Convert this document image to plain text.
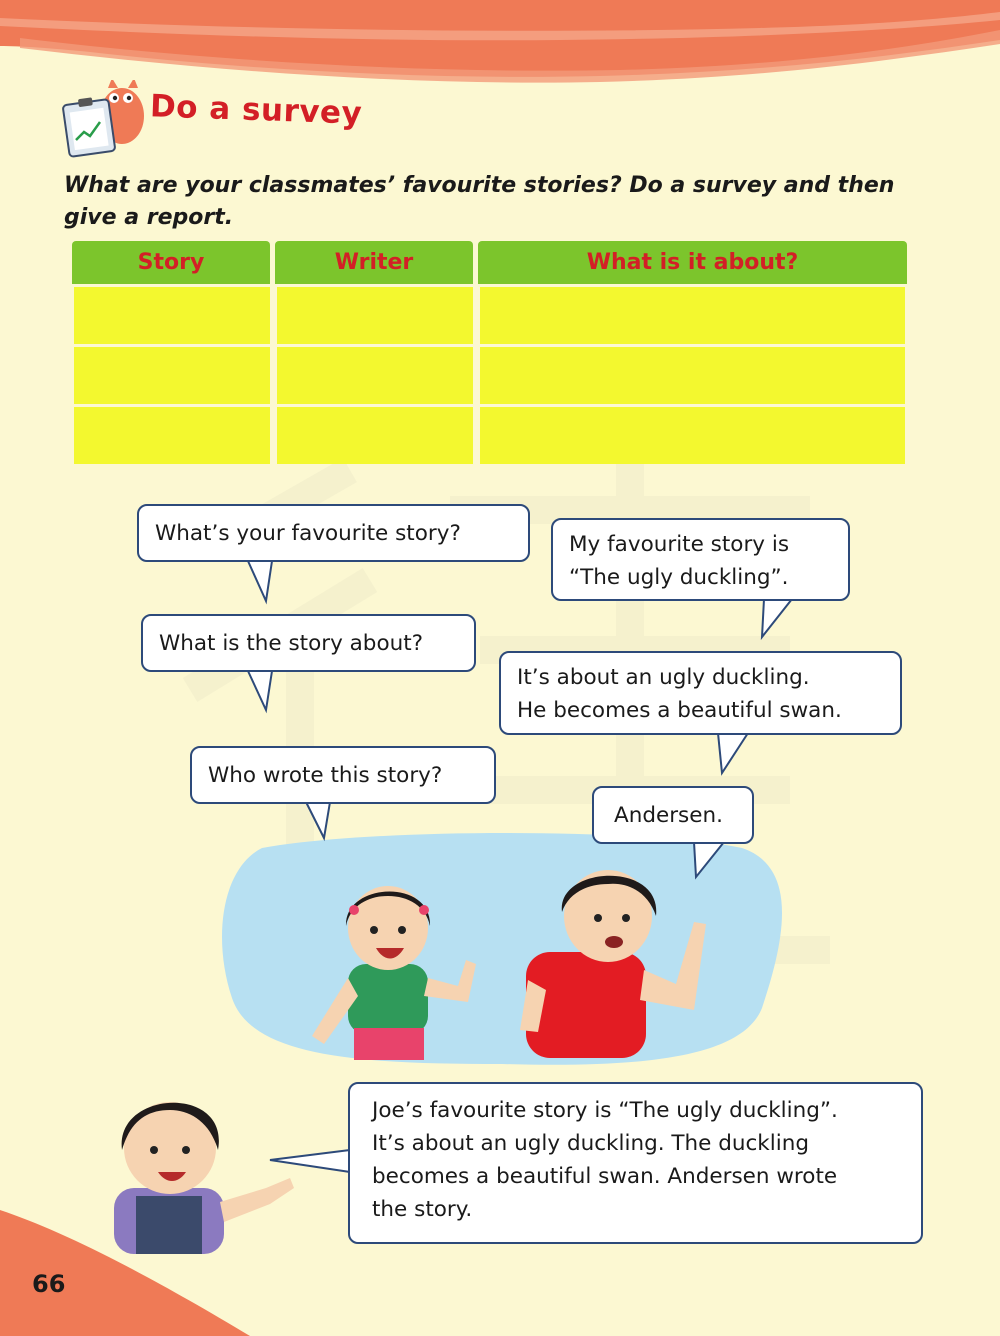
Do a survey
What are your classmates’ favourite stories? Do a survey and then give a report.
Story	Writer	What is it about?
What’s your favourite story?	My favourite story is
“The ugly duckling”.
What is the story about?
It’s about an ugly duckling.
He becomes a beautiful swan.
Who wrote this story?
Andersen.
Joe’s favourite story is “The ugly duckling”.
It’s about an ugly duckling. The duckling
becomes a beautiful swan. Andersen wrote
the story.
66
